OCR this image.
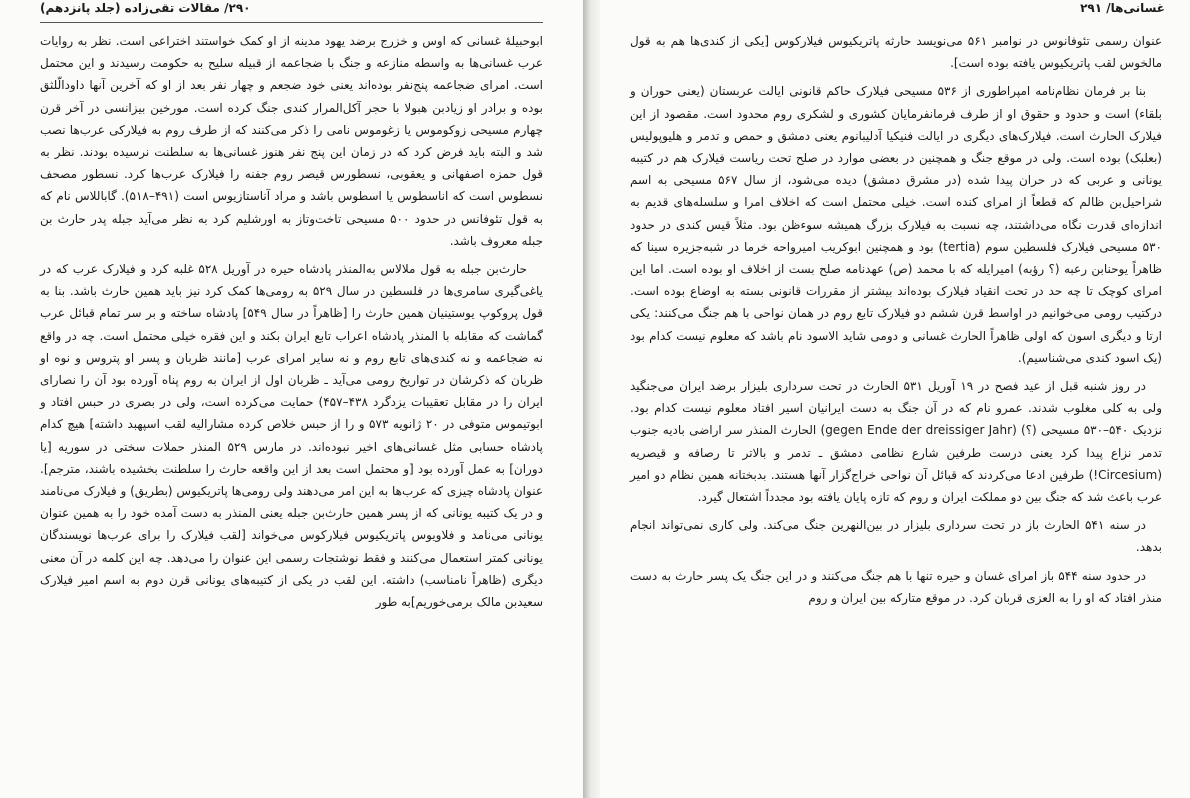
۲۹۰/ مقالات تقی‌زاده (جلد پانزدهم)

ابوحبیلۀ غسانی که اوس و خزرج برضد یهود مدینه از او کمک خواستند اختراعی است. نظر به روایات عرب غسانی‌ها به واسطه منازعه و جنگ با ضجاعمه از قبیله سلیح به حکومت رسیدند و این محتمل است. امرای ضجاعمه پنج‌نفر بوده‌اند یعنی خود ضجعم و چهار نفر بعد از او که آخرین آنها داودالّلثق بوده و برادر او زیادبن هبولا با حجر آکل‌المرار کندی جنگ کرده است. مورخین بیزانسی در آخر قرن چهارم مسیحی زوکوموس یا زغوموس نامی را ذکر می‌کنند که از طرف روم به فیلارکی عرب‌ها نصب شد و البته باید فرض کرد که در زمان این پنج نفر هنوز غسانی‌ها به سلطنت نرسیده بودند. نظر به قول حمزه اصفهانی و یعقوبی، نسطورس قیصر روم جفنه را فیلارک عرب‌ها کرد. نسطور مصحف نسطوس است که اناسطوس یا اسطوس باشد و مراد آناستازیوس است (۴۹۱–۵۱۸). گاباللاس نام که به قول تئوفانس در حدود ۵۰۰ مسیحی تاخت‌وتاز به اورشلیم کرد به نظر می‌آید جبله پدر حارث بن جبله معروف باشد.

حارث‌بن جبله به قول ملالاس به‌المنذر پادشاه حیره در آوریل ۵۲۸ غلبه کرد و فیلارک عرب که در یاغی‌گیری سامری‌ها در فلسطین در سال ۵۲۹ به رومی‌ها کمک کرد نیز باید همین حارث باشد. بنا به قول پروکوپ یوستینیان همین حارث را [ظاهراً در سال ۵۴۹] پادشاه ساخته و بر سر تمام قبائل عرب گماشت که مقابله با المنذر پادشاه اعراب تابع ایران بکند و این فقره خیلی محتمل است. چه در واقع نه ضجاعمه و نه کندی‌های تابع روم و نه سایر امرای عرب [مانند ظربان و پسر او پتروس و نوه او ظربان که ذکرشان در تواریخ رومی می‌آید ـ ظربان اول از ایران به روم پناه آورده بود آن را نصارای ایران را در مقابل تعقیبات یزدگرد ۴۳۸–۴۵۷) حمایت می‌کرده است، ولی در بصری در حبس افتاد و ابوتیموس متوفی در ۲۰ ژانویه ۵۷۳ و را از حبس خلاص کرده مشارالیه لقب اسپهبد داشته] هیچ کدام پادشاه حسابی مثل غسانی‌های اخیر نبوده‌اند. در مارس ۵۲۹ المنذر حملات سختی در سوریه [یا دوران] به عمل آورده بود [و محتمل است بعد از این واقعه حارث را سلطنت بخشیده باشند، مترجم]. عنوان پادشاه چیزی که عرب‌ها به این امر می‌دهند ولی رومی‌ها پاتریکیوس (بطریق) و فیلارک می‌نامند و در یک کتیبه یونانی که از پسر همین حارث‌بن جبله یعنی المنذر به دست آمده خود را به همین عنوان یونانی می‌نامد و فلاویوس پاتریکیوس فیلارکوس می‌خواند [لقب فیلارک را برای عرب‌ها نویسندگان یونانی کمتر استعمال می‌کنند و فقط نوشتجات رسمی این عنوان را می‌دهد. چه این کلمه در آن معنی دیگری (ظاهراً نامناسب) داشته. این لقب در یکی از کتیبه‌های یونانی قرن دوم به اسم امیر فیلارک سعیدبن مالک برمی‌خوریم]به طور

غسانی‌ها/ ۲۹۱

عنوان رسمی تئوفانوس در نوامبر ۵۶۱ می‌نویسد حارثه پاتریکیوس فیلارکوس [یکی از کندی‌ها هم به قول مالخوس لقب پاتریکیوس یافته بوده است].

بنا بر فرمان نظام‌نامه امپراطوری از ۵۳۶ مسیحی فیلارک حاکم قانونی ایالت عربستان (یعنی حوران و بلقاء) است و حدود و حقوق او از طرف فرمانفرمایان کشوری و لشکری روم محدود است. مقصود از این فیلارک الحارث است. فیلارک‌های دیگری در ایالت فنیکیا آدلیبانوم یعنی دمشق و حمص و تدمر و هلیوپولیس (بعلبک) بوده است. ولی در موقع جنگ و همچنین در بعضی موارد در صلح تحت ریاست فیلارک هم در کتیبه یونانی و عربی که در حران پیدا شده (در مشرق دمشق) دیده می‌شود، از سال ۵۶۷ مسیحی به اسم شراحیل‌بن ظالم که قطعاً از امرای کنده است. خیلی محتمل است که اخلاف امرا و سلسله‌های قدیم به اندازه‌ای قدرت نگاه می‌داشتند، چه نسبت به فیلارک بزرگ همیشه سوءظن بود. مثلاً قیس کندی در حدود ۵۳۰ مسیحی فیلارک فلسطین سوم (tertia) بود و همچنین ابوکریب امیرواحه خرما در شبه‌جزیره سینا که ظاهراً یوحنابن رعبه (؟ رؤبه) امیرایله که با محمد (ص) عهدنامه صلح بست از اخلاف او بوده است. اما این امرای کوچک تا چه حد در تحت انقیاد فیلارک بوده‌اند بیشتر از مقررات قانونی بسته به اوضاع بوده است. درکتیب رومی می‌خوانیم در اواسط قرن ششم دو فیلارک تابع روم در همان نواحی با هم جنگ می‌کنند: یکی ارتا و دیگری اسون که اولی ظاهراً الحارث غسانی و دومی شاید الاسود نام باشد که معلوم نیست کدام بود (یک اسود کندی می‌شناسیم).

در روز شنبه قبل از عید فصح در ۱۹ آوریل ۵۳۱ الحارث در تحت سرداری بلیزار برضد ایران می‌جنگید ولی به کلی مغلوب شدند. عمرو نام که در آن جنگ به دست ایرانیان اسیر افتاد معلوم نیست کدام بود. نزدیک ۵۴۰–۵۳۰ مسیحی (؟) (gegen Ende der dreissiger Jahr) الحارث المنذر سر اراضی بادیه جنوب تدمر نزاع پیدا کرد یعنی درست طرفین شارع نظامی دمشق ـ تدمر و بالاتر تا رصافه و قیصریه (Circesium!) طرفین ادعا می‌کردند که قبائل آن نواحی خراج‌گزار آنها هستند. بدبختانه همین نظام دو امیر عرب باعث شد که جنگ بین دو مملکت ایران و روم که تازه پایان یافته بود مجدداً اشتعال گیرد.

در سنه ۵۴۱ الحارث باز در تحت سرداری بلیزار در بین‌النهرین جنگ می‌کند. ولی کاری نمی‌تواند انجام بدهد.

در حدود سنه ۵۴۴ باز امرای غسان و حیره تنها با هم جنگ می‌کنند و در این جنگ یک پسر حارث به دست منذر افتاد که او را به العزی قربان کرد. در موقع متارکه بین ایران و روم
